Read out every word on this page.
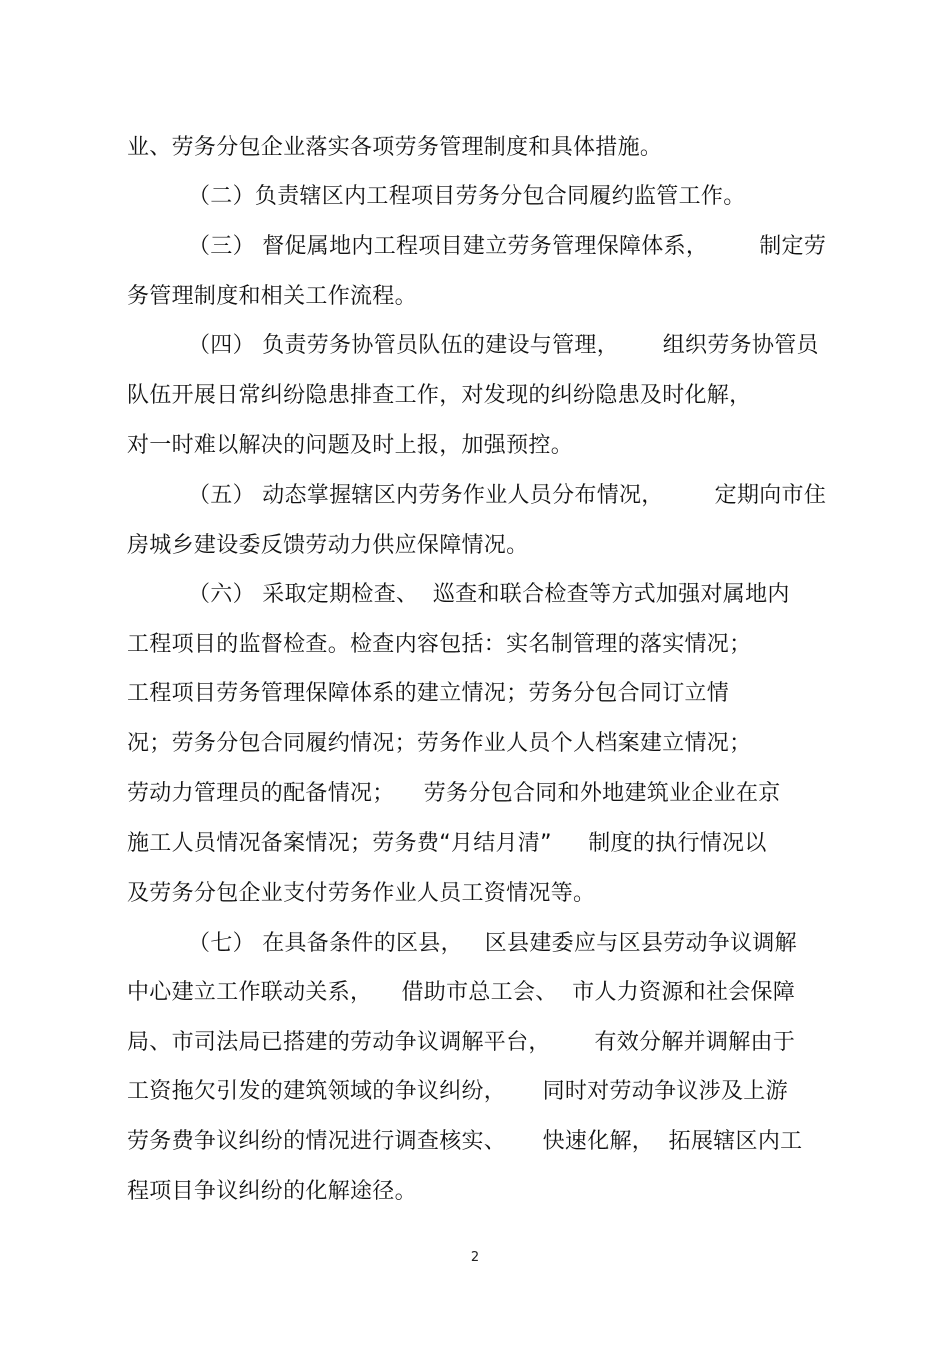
业、劳务分包企业落实各项劳务管理制度和具体措施。
（二）负责辖区内工程项目劳务分包合同履约监管工作。
（三） 督促属地内工程项目建立劳务管理保障体系，       制定劳
务管理制度和相关工作流程。
（四） 负责劳务协管员队伍的建设与管理，      组织劳务协管员
队伍开展日常纠纷隐患排查工作，对发现的纠纷隐患及时化解，
对一时难以解决的问题及时上报，加强预控。
（五） 动态掌握辖区内劳务作业人员分布情况，       定期向市住
房城乡建设委反馈劳动力供应保障情况。
（六） 采取定期检查、  巡查和联合检查等方式加强对属地内
工程项目的监督检查。检查内容包括：实名制管理的落实情况；
工程项目劳务管理保障体系的建立情况；劳务分包合同订立情
况；劳务分包合同履约情况；劳务作业人员个人档案建立情况；
劳动力管理员的配备情况；    劳务分包合同和外地建筑业企业在京
施工人员情况备案情况；劳务费“月结月清”     制度的执行情况以
及劳务分包企业支付劳务作业人员工资情况等。
（七） 在具备条件的区县，   区县建委应与区县劳动争议调解
中心建立工作联动关系，    借助市总工会、  市人力资源和社会保障
局、市司法局已搭建的劳动争议调解平台，      有效分解并调解由于
工资拖欠引发的建筑领域的争议纠纷，     同时对劳动争议涉及上游
劳务费争议纠纷的情况进行调查核实、     快速化解，  拓展辖区内工
程项目争议纠纷的化解途径。
2
